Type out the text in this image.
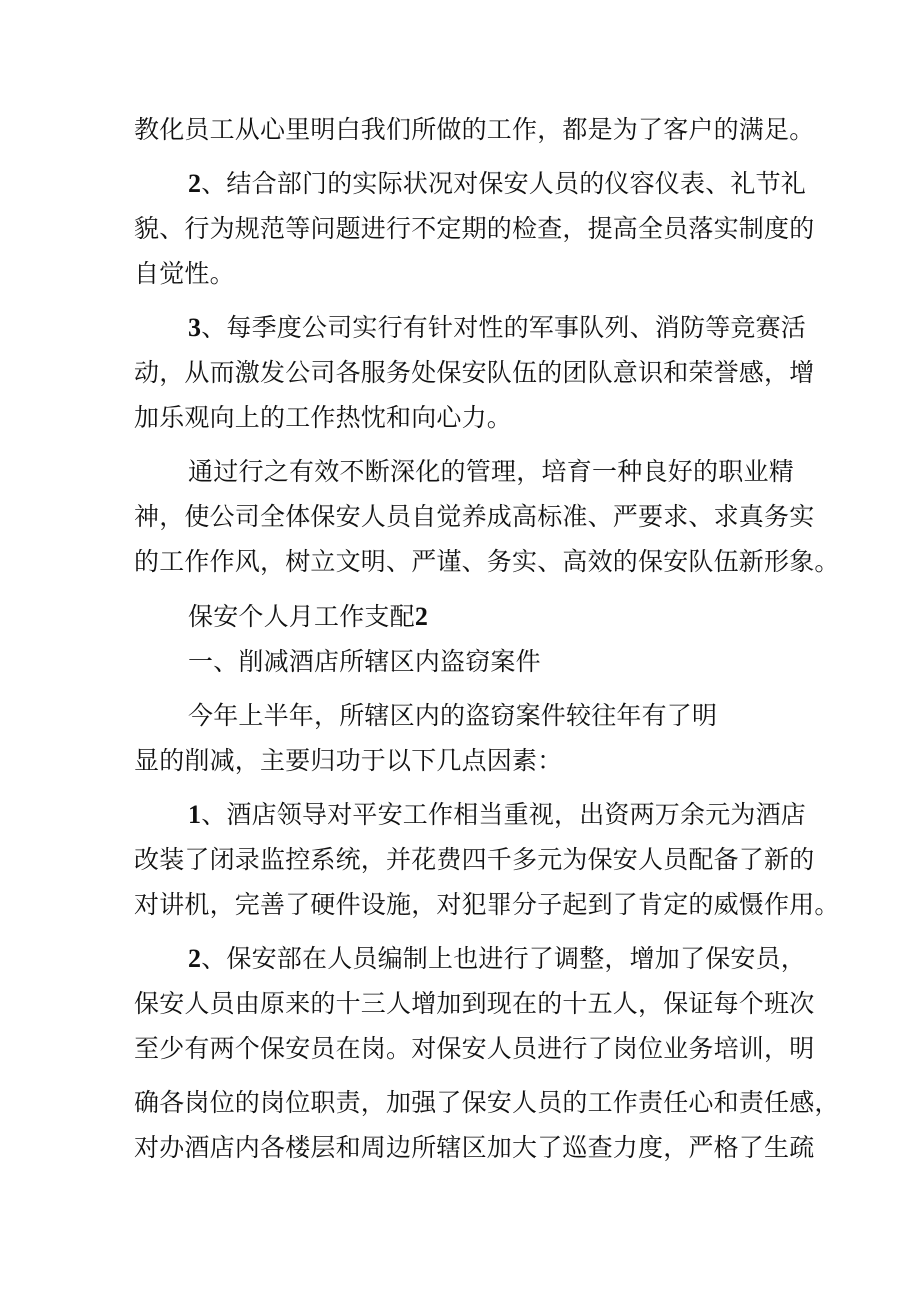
教化员工从心里明白我们所做的工作，都是为了客户的满足。
2、结合部门的实际状况对保安人员的仪容仪表、礼节礼
貌、行为规范等问题进行不定期的检查，提高全员落实制度的
自觉性。
3、每季度公司实行有针对性的军事队列、消防等竞赛活
动，从而激发公司各服务处保安队伍的团队意识和荣誉感，增
加乐观向上的工作热忱和向心力。
通过行之有效不断深化的管理，培育一种良好的职业精
神，使公司全体保安人员自觉养成高标准、严要求、求真务实
的工作作风，树立文明、严谨、务实、高效的保安队伍新形象。
保安个人月工作支配2
一、削减酒店所辖区内盗窃案件
今年上半年，所辖区内的盗窃案件较往年有了明
显的削减，主要归功于以下几点因素：
1、酒店领导对平安工作相当重视，出资两万余元为酒店
改装了闭录监控系统，并花费四千多元为保安人员配备了新的
对讲机，完善了硬件设施，对犯罪分子起到了肯定的威慑作用。
2、保安部在人员编制上也进行了调整，增加了保安员，
保安人员由原来的十三人增加到现在的十五人，保证每个班次
至少有两个保安员在岗。对保安人员进行了岗位业务培训，明
确各岗位的岗位职责，加强了保安人员的工作责任心和责任感，
对办酒店内各楼层和周边所辖区加大了巡查力度，严格了生疏
